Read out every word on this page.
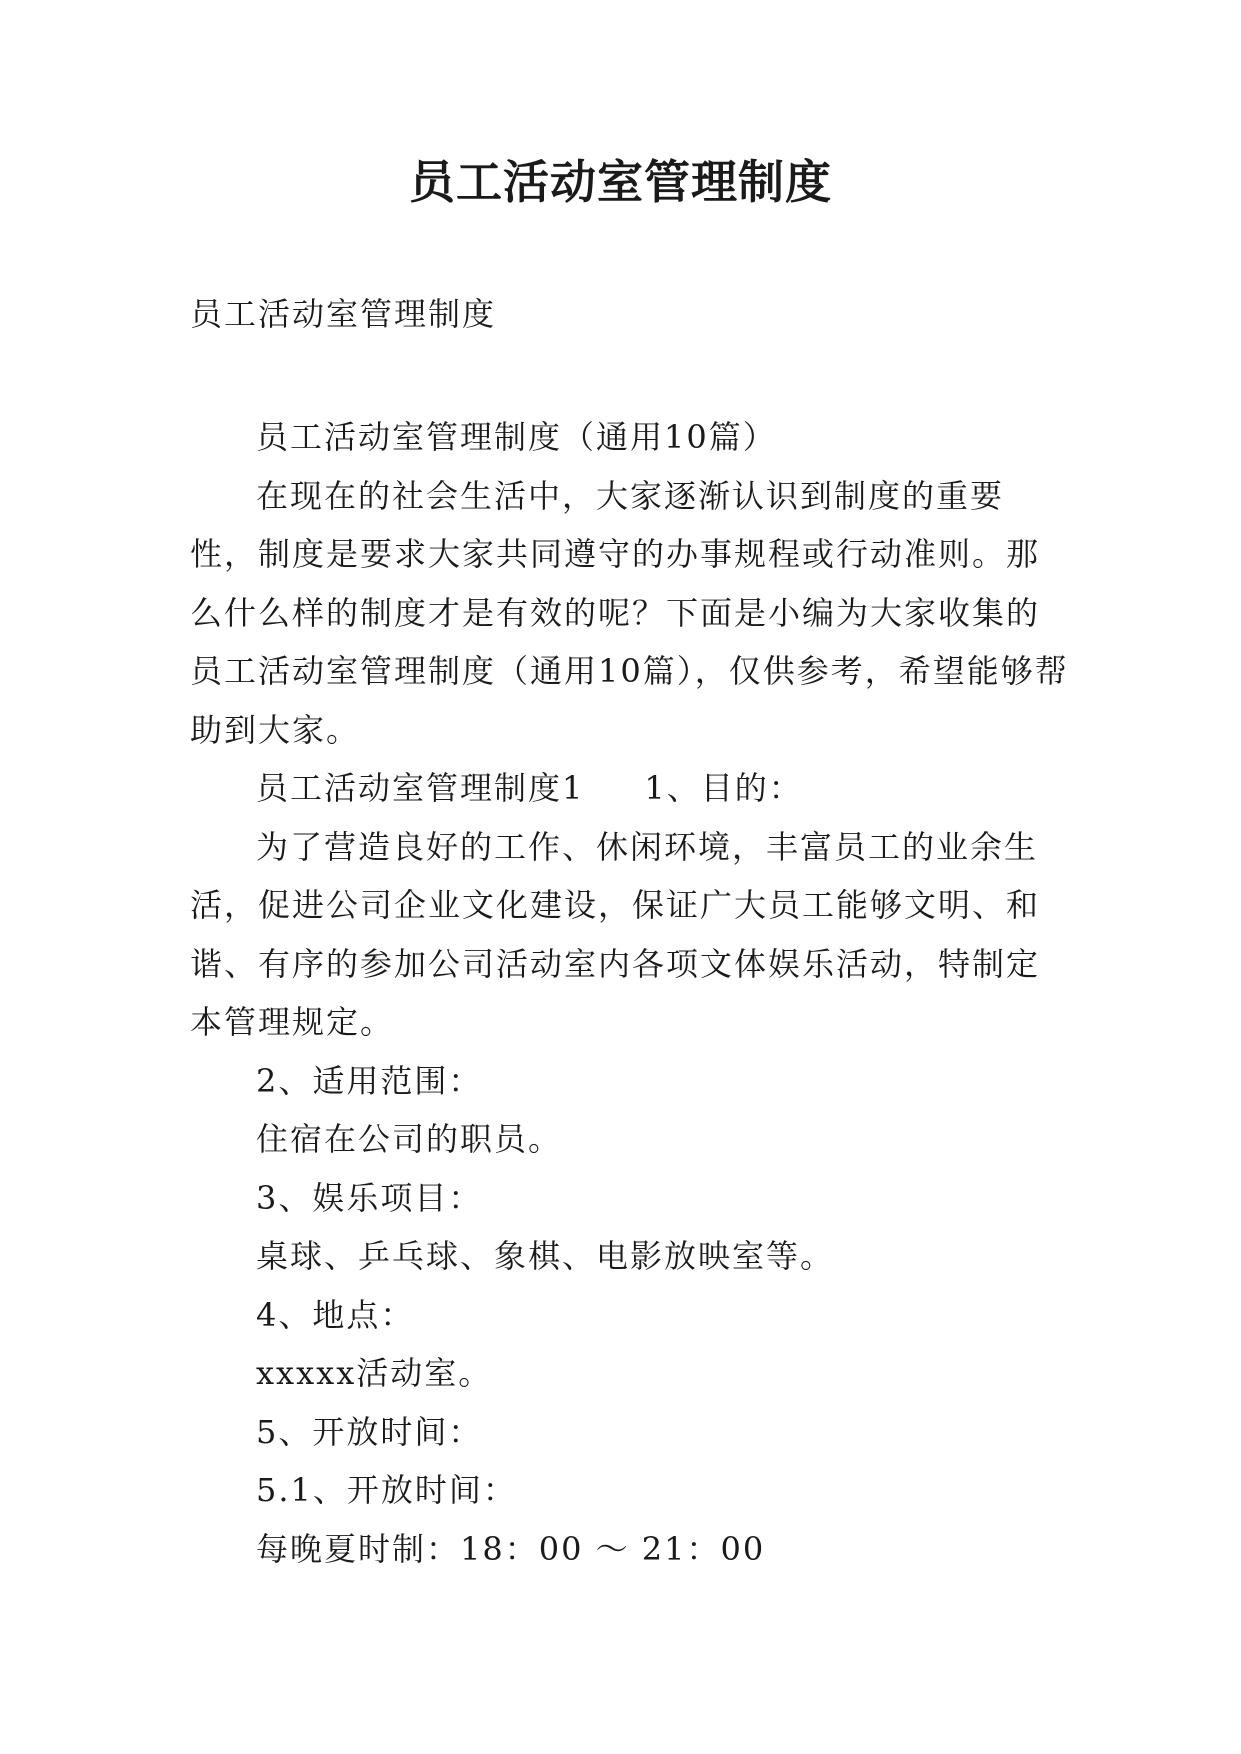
员工活动室管理制度

员工活动室管理制度

员工活动室管理制度（通用10篇）

在现在的社会生活中，大家逐渐认识到制度的重要性，制度是要求大家共同遵守的办事规程或行动准则。那么什么样的制度才是有效的呢？下面是小编为大家收集的员工活动室管理制度（通用10篇），仅供参考，希望能够帮助到大家。

员工活动室管理制度1 1、目的：

为了营造良好的工作、休闲环境，丰富员工的业余生活，促进公司企业文化建设，保证广大员工能够文明、和谐、有序的参加公司活动室内各项文体娱乐活动，特制定本管理规定。

2、适用范围：

住宿在公司的职员。

3、娱乐项目：

桌球、乒乓球、象棋、电影放映室等。

4、地点：

xxxxx活动室。

5、开放时间：

5.1、开放时间：

每晚夏时制：18：00 ～ 21：00
